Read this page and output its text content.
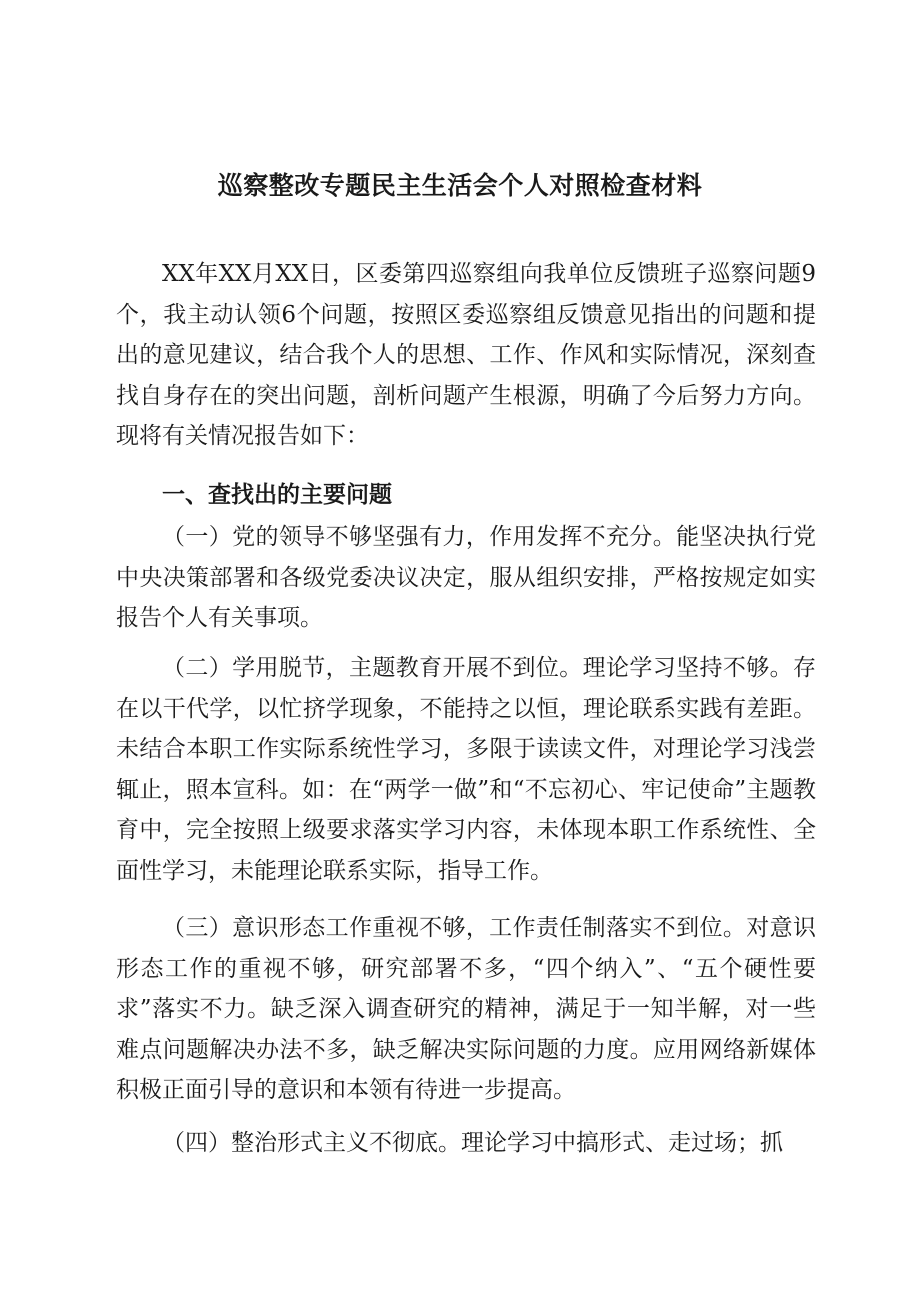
巡察整改专题民主生活会个人对照检查材料

XX年XX月XX日，区委第四巡察组向我单位反馈班子巡察问题9个，我主动认领6个问题，按照区委巡察组反馈意见指出的问题和提出的意见建议，结合我个人的思想、工作、作风和实际情况，深刻查找自身存在的突出问题，剖析问题产生根源，明确了今后努力方向。现将有关情况报告如下：

一、查找出的主要问题

（一）党的领导不够坚强有力，作用发挥不充分。能坚决执行党中央决策部署和各级党委决议决定，服从组织安排，严格按规定如实报告个人有关事项。

（二）学用脱节，主题教育开展不到位。理论学习坚持不够。存在以干代学，以忙挤学现象，不能持之以恒，理论联系实践有差距。未结合本职工作实际系统性学习，多限于读读文件，对理论学习浅尝辄止，照本宣科。如：在“两学一做”和“不忘初心、牢记使命”主题教育中，完全按照上级要求落实学习内容，未体现本职工作系统性、全面性学习，未能理论联系实际，指导工作。

（三）意识形态工作重视不够，工作责任制落实不到位。对意识形态工作的重视不够，研究部署不多，“四个纳入”、“五个硬性要求”落实不力。缺乏深入调查研究的精神，满足于一知半解，对一些难点问题解决办法不多，缺乏解决实际问题的力度。应用网络新媒体积极正面引导的意识和本领有待进一步提高。

（四）整治形式主义不彻底。理论学习中搞形式、走过场；抓
